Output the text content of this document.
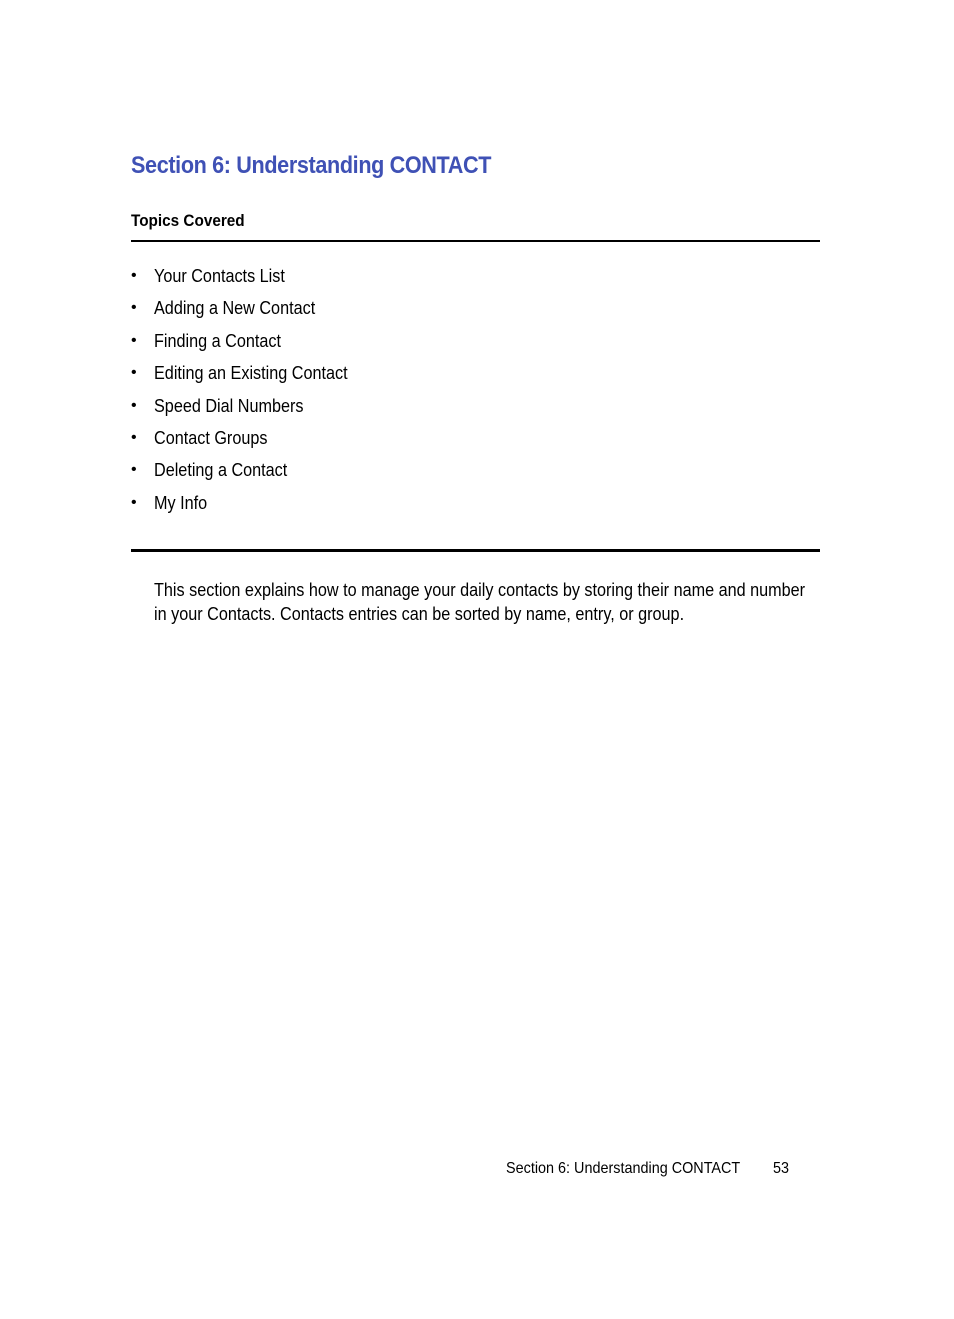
Section 6: Understanding CONTACT
Topics Covered
• Your Contacts List
• Adding a New Contact
• Finding a Contact
• Editing an Existing Contact
• Speed Dial Numbers
• Contact Groups
• Deleting a Contact
• My Info

This section explains how to manage your daily contacts by storing their name and number in your Contacts. Contacts entries can be sorted by name, entry, or group.

Section 6: Understanding CONTACT 53
